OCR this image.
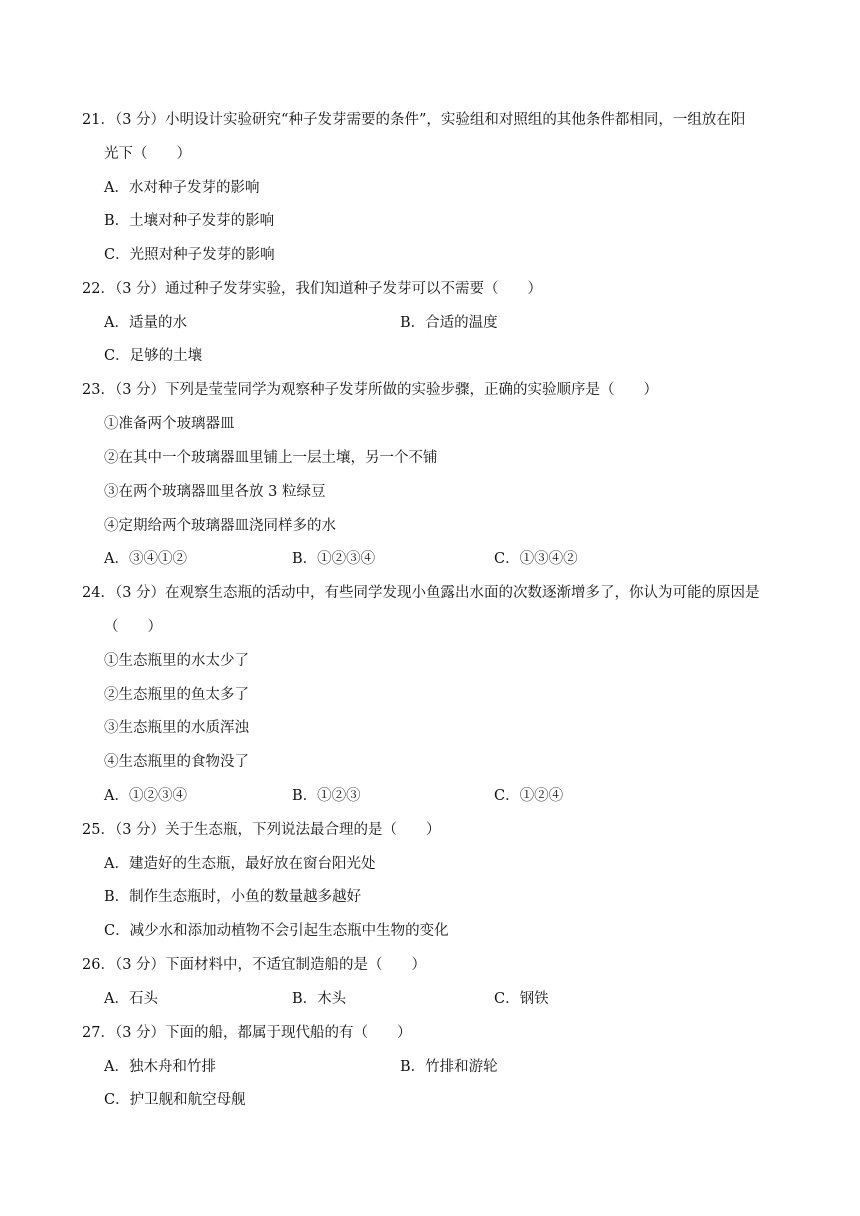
21．（3 分）小明设计实验研究“种子发芽需要的条件”，实验组和对照组的其他条件都相同，一组放在阳
光下（　　）
A．水对种子发芽的影响
B．土壤对种子发芽的影响
C．光照对种子发芽的影响
22．（3 分）通过种子发芽实验，我们知道种子发芽可以不需要（　　）
A．适量的水	B．合适的温度
C．足够的土壤
23．（3 分）下列是莹莹同学为观察种子发芽所做的实验步骤，正确的实验顺序是（　　）
①准备两个玻璃器皿
②在其中一个玻璃器皿里铺上一层土壤，另一个不铺
③在两个玻璃器皿里各放 3 粒绿豆
④定期给两个玻璃器皿浇同样多的水
A．③④①②	B．①②③④	C．①③④②
24．（3 分）在观察生态瓶的活动中，有些同学发现小鱼露出水面的次数逐渐增多了，你认为可能的原因是
（　　）
①生态瓶里的水太少了
②生态瓶里的鱼太多了
③生态瓶里的水质浑浊
④生态瓶里的食物没了
A．①②③④	B．①②③	C．①②④
25．（3 分）关于生态瓶，下列说法最合理的是（　　）
A．建造好的生态瓶，最好放在窗台阳光处
B．制作生态瓶时，小鱼的数量越多越好
C．减少水和添加动植物不会引起生态瓶中生物的变化
26．（3 分）下面材料中，不适宜制造船的是（　　）
A．石头	B．木头	C．钢铁
27．（3 分）下面的船，都属于现代船的有（　　）
A．独木舟和竹排	B．竹排和游轮
C．护卫舰和航空母舰
